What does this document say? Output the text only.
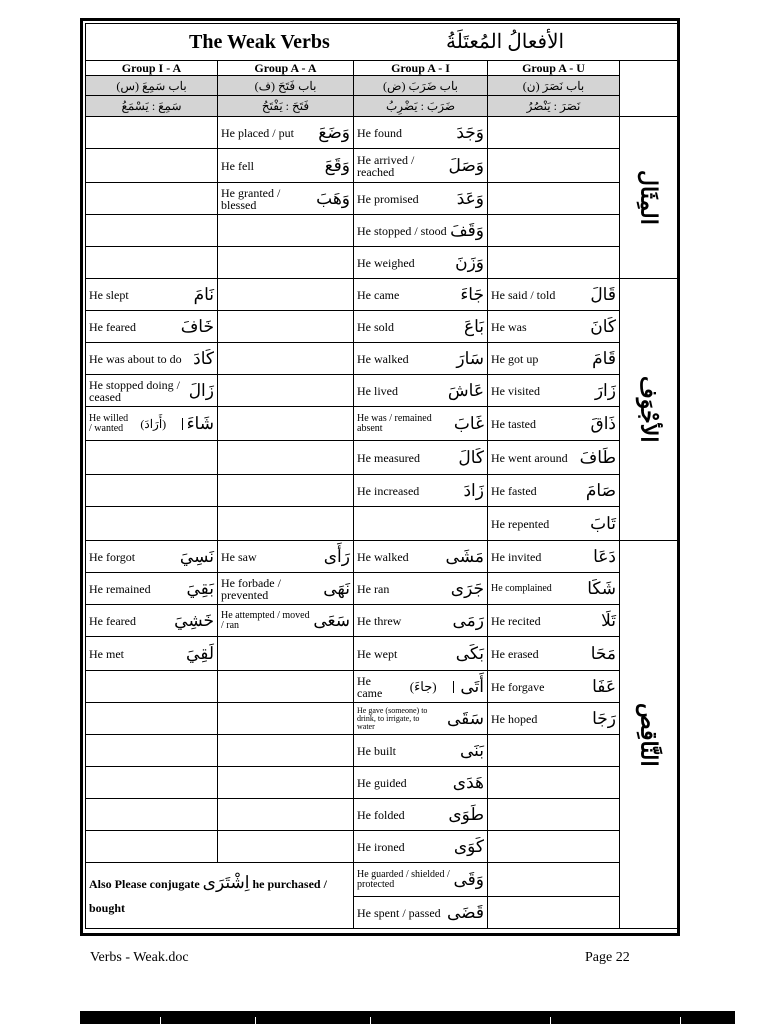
The Weak Verbs الأفعالُ المُعتَلَةُ				

Group I - A	Group A - A	Group A - I	Group A - U	
باب سَمِعَ (س)	باب فَتَحَ (ف)	باب ضَرَبَ (ض)	باب نَصَرَ (ن)	
سَمِعَ : يَسْمَعُ	فَتَحَ : يَفْتَحُ	ضَرَبَ : يَضْرِبُ	نَصَرَ : يَنْصُرُ	

	He placed / put وَضَعَ	He found وَجَدَ		المِثَال

	He fell وَقَعَ	He arrived / reached وَصَلَ		

	He granted / blessed وَهَبَ	He promised وَعَدَ		

		He stopped / stood وَقَفَ		

		He weighed وَزَنَ		

He slept نَامَ		He came جَاءَ	He said / told قَالَ	الأجْوَف

He feared خَافَ		He sold بَاعَ	He was كَانَ	

He was about to do كَادَ		He walked سَارَ	He got up قَامَ	

He stopped doing / ceased زَالَ		He lived عَاشَ	He visited زَارَ	

He willed / wanted (أَرَادَ) شَاءَ		He was / remained absent غَابَ	He tasted ذَاقَ	

		He measured كَالَ	He went around طَافَ	

		He increased زَادَ	He fasted صَامَ	

			He repented تَابَ	

He forgot نَسِيَ	He saw رَأَى	He walked مَشَى	He invited دَعَا	النَّاقِص

He remained بَقِيَ	He forbade / prevented نَهَى	He ran جَرَى	He complained شَكَا	

He feared خَشِيَ	He attempted / moved / ran سَعَى	He threw رَمَى	He recited تَلَا	

He met لَقِيَ		He wept بَكَى	He erased مَحَا	

		He came (جاءَ) أَتَى	He forgave عَفَا	

		He gave (someone) to drink, to irrigate, to water سَقَى	He hoped رَجَا	

		He built بَنَى		

		He guided هَدَى		

		He folded طَوَى		

		He ironed كَوَى		

Also Please conjugate اِشْتَرَى he purchased / bought		He guarded / shielded / protected وَقَى		

		He spent / passed قَضَى		

Verbs - Weak.doc	Page 22
